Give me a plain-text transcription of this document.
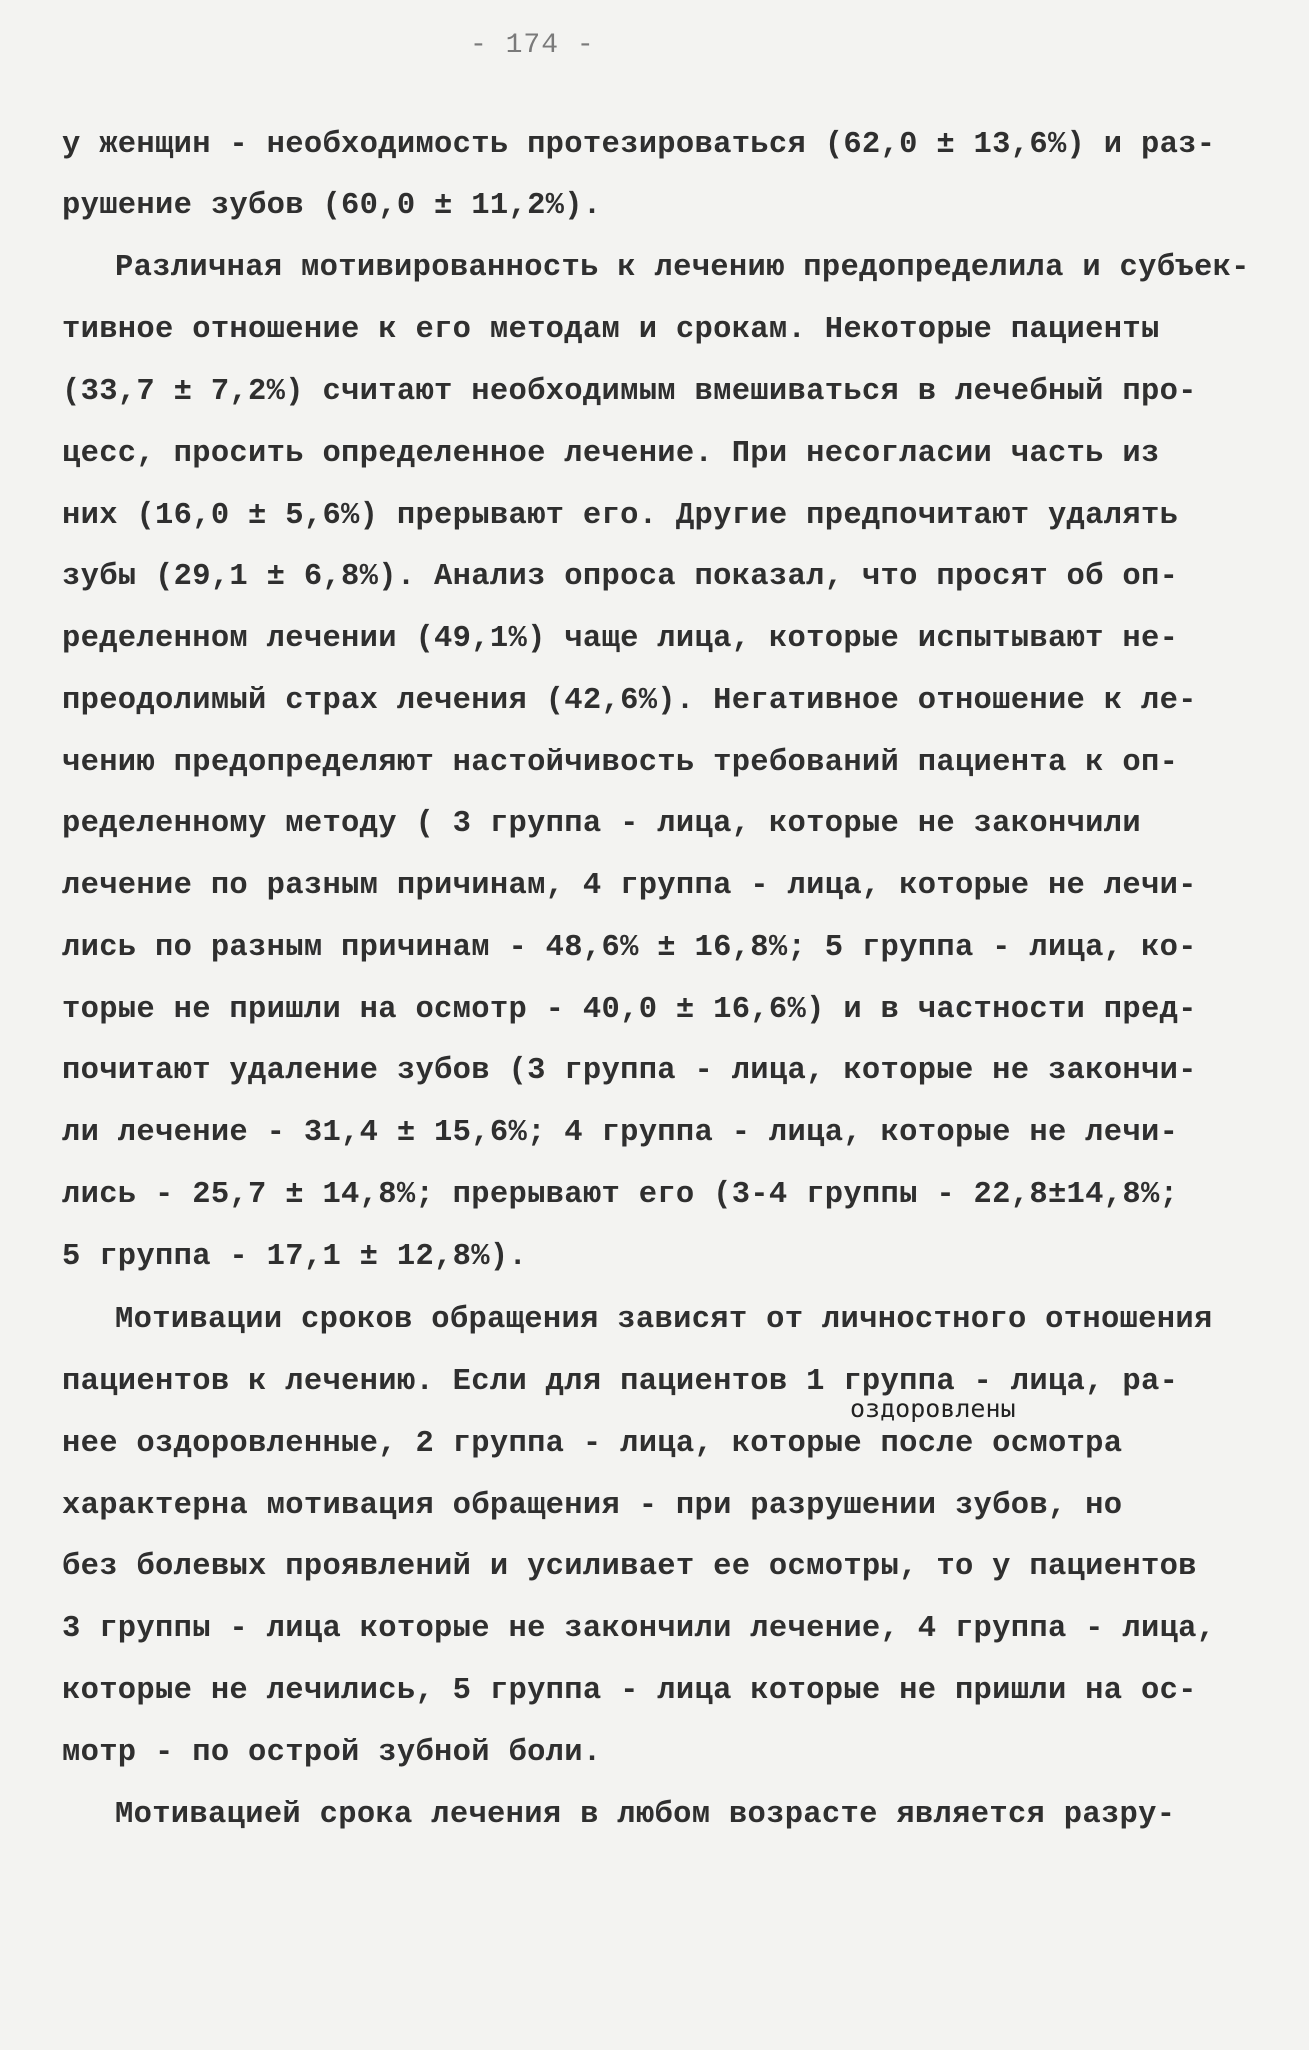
- 174 -
у женщин - необходимость протезироваться (62,0 ± 13,6%) и раз-
рушение зубов (60,0 ± 11,2%).
Различная мотивированность к лечению предопределила и субъек-
тивное отношение к его методам и срокам. Некоторые пациенты
(33,7 ± 7,2%) считают необходимым вмешиваться в лечебный про-
цесс, просить определенное лечение. При несогласии часть из
них (16,0 ± 5,6%) прерывают его. Другие предпочитают удалять
зубы (29,1 ± 6,8%). Анализ опроса показал, что просят об оп-
ределенном лечении (49,1%) чаще лица, которые испытывают не-
преодолимый страх лечения (42,6%). Негативное отношение к ле-
чению предопределяют настойчивость требований пациента к оп-
ределенному методу ( 3 группа - лица, которые не закончили
лечение по разным причинам, 4 группа - лица, которые не лечи-
лись по разным причинам - 48,6% ± 16,8%; 5 группа - лица, ко-
торые не пришли на осмотр - 40,0 ± 16,6%) и в частности пред-
почитают удаление зубов (3 группа - лица, которые не закончи-
ли лечение - 31,4 ± 15,6%; 4 группа - лица, которые не лечи-
лись - 25,7 ± 14,8%; прерывают его (3-4 группы - 22,8±14,8%;
5 группа - 17,1 ± 12,8%).
Мотивации сроков обращения зависят от личностного отношения
пациентов к лечению. Если для пациентов 1 группа - лица, ра-
оздоровлены
нее оздоровленные, 2 группа - лица, которые после осмотра
характерна мотивация обращения - при разрушении зубов, но
без болевых проявлений и усиливает ее осмотры, то у пациентов
3 группы - лица которые не закончили лечение, 4 группа - лица,
которые не лечились, 5 группа - лица которые не пришли на ос-
мотр - по острой зубной боли.
Мотивацией срока лечения в любом возрасте является разру-
